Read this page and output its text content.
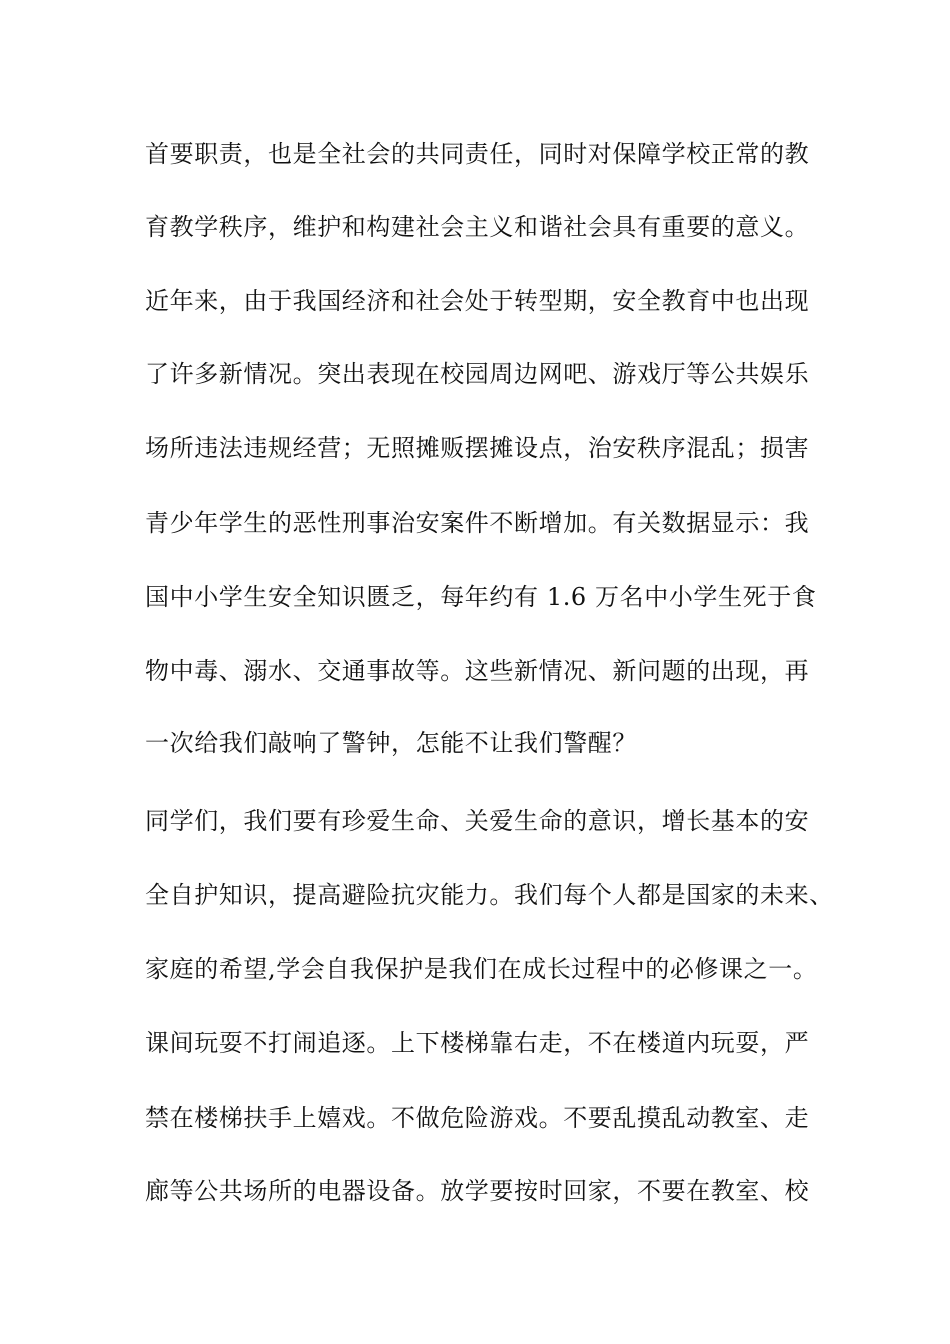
首要职责，也是全社会的共同责任，同时对保障学校正常的教
育教学秩序，维护和构建社会主义和谐社会具有重要的意义。
近年来，由于我国经济和社会处于转型期，安全教育中也出现
了许多新情况。突出表现在校园周边网吧、游戏厅等公共娱乐
场所违法违规经营；无照摊贩摆摊设点，治安秩序混乱；损害
青少年学生的恶性刑事治安案件不断增加。有关数据显示：我
国中小学生安全知识匮乏，每年约有 1.6 万名中小学生死于食
物中毒、溺水、交通事故等。这些新情况、新问题的出现，再
一次给我们敲响了警钟，怎能不让我们警醒？
同学们，我们要有珍爱生命、关爱生命的意识，增长基本的安
全自护知识，提高避险抗灾能力。我们每个人都是国家的未来、
家庭的希望,学会自我保护是我们在成长过程中的必修课之一。
课间玩耍不打闹追逐。上下楼梯靠右走，不在楼道内玩耍，严
禁在楼梯扶手上嬉戏。不做危险游戏。不要乱摸乱动教室、走
廊等公共场所的电器设备。放学要按时回家，不要在教室、校
